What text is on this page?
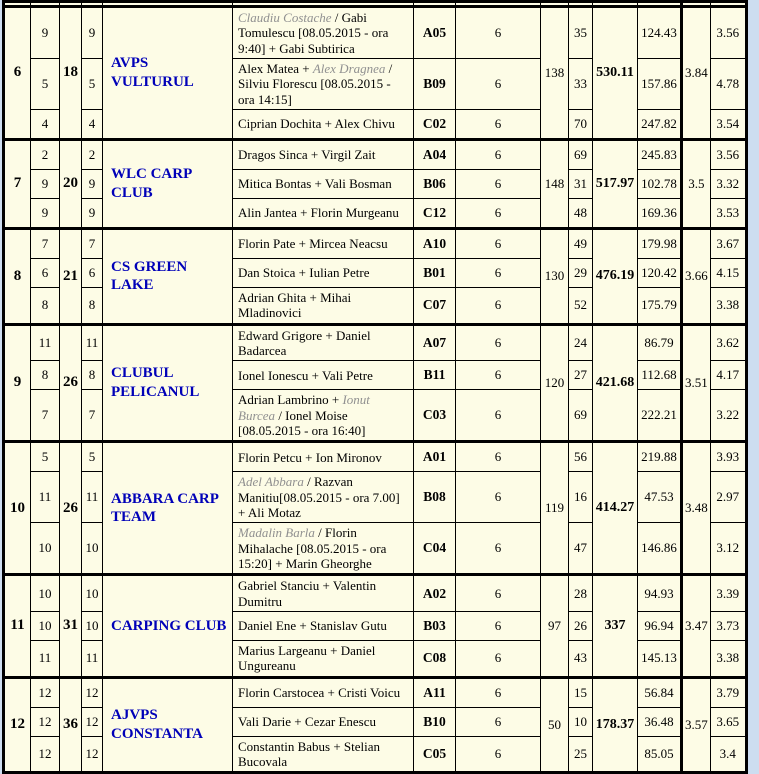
6	9	18	9	AVPS VULTURUL	Claudiu Costache / Gabi Tomulescu [08.05.2015 - ora 9:40] + Gabi Subtirica	A05	6	138	35	530.11	124.43	3.84	3.56
	5		5		Alex Matea + Alex Dragnea / Silviu Florescu [08.05.2015 - ora 14:15]	B09	6		33		157.86		4.78
	4		4		Ciprian Dochita + Alex Chivu	C02	6		70		247.82		3.54
7	2	20	2	WLC CARP CLUB	Dragos Sinca + Virgil Zait	A04	6	148	69	517.97	245.83	3.5	3.56
	9		9		Mitica Bontas + Vali Bosman	B06	6		31		102.78		3.32
	9		9		Alin Jantea + Florin Murgeanu	C12	6		48		169.36		3.53
8	7	21	7	CS GREEN LAKE	Florin Pate + Mircea Neacsu	A10	6	130	49	476.19	179.98	3.66	3.67
	6		6		Dan Stoica + Iulian Petre	B01	6		29		120.42		4.15
	8		8		Adrian Ghita + Mihai Mladinovici	C07	6		52		175.79		3.38
9	11	26	11	CLUBUL PELICANUL	Edward Grigore + Daniel Badarcea	A07	6	120	24	421.68	86.79	3.51	3.62
	8		8		Ionel Ionescu + Vali Petre	B11	6		27		112.68		4.17
	7		7		Adrian Lambrino + Ionut Burcea / Ionel Moise [08.05.2015 - ora 16:40]	C03	6		69		222.21		3.22
10	5	26	5	ABBARA CARP TEAM	Florin Petcu + Ion Mironov	A01	6	119	56	414.27	219.88	3.48	3.93
	11		11		Adel Abbara / Razvan Manitiu[08.05.2015 - ora 7.00] + Ali Motaz	B08	6		16		47.53		2.97
	10		10		Madalin Barla / Florin Mihalache [08.05.2015 - ora 15:20] + Marin Gheorghe	C04	6		47		146.86		3.12
11	10	31	10	CARPING CLUB	Gabriel Stanciu + Valentin Dumitru	A02	6	97	28	337	94.93	3.47	3.39
	10		10		Daniel Ene + Stanislav Gutu	B03	6		26		96.94		3.73
	11		11		Marius Largeanu + Daniel Ungureanu	C08	6		43		145.13		3.38
12	12	36	12	AJVPS CONSTANTA	Florin Carstocea + Cristi Voicu	A11	6	50	15	178.37	56.84	3.57	3.79
	12		12		Vali Darie + Cezar Enescu	B10	6		10		36.48		3.65
	12		12		Constantin Babus + Stelian Bucovala	C05	6		25		85.05		3.4
